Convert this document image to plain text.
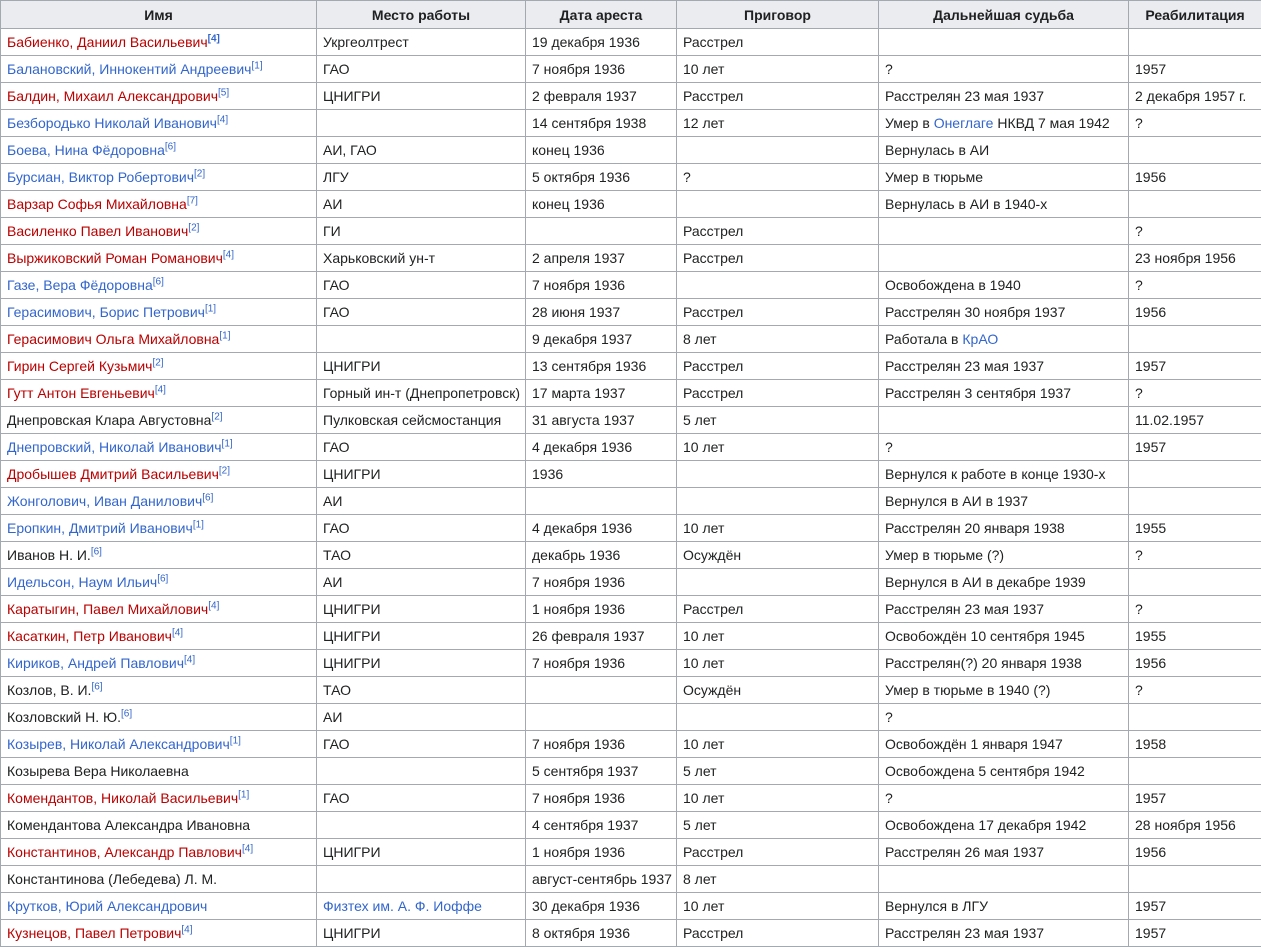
Имя	Место работы	Дата ареста	Приговор	Дальнейшая судьба	Реабилитация
Бабиенко, Даниил Васильевич[4]	Укргеолтрест	19 декабря 1936	Расстрел		
Балановский, Иннокентий Андреевич[1]	ГАО	7 ноября 1936	10 лет	?	1957
Балдин, Михаил Александрович[5]	ЦНИГРИ	2 февраля 1937	Расстрел	Расстрелян 23 мая 1937	2 декабря 1957 г.
Безбородько Николай Иванович[4]		14 сентября 1938	12 лет	Умер в Онеглаге НКВД 7 мая 1942	?
Боева, Нина Фёдоровна[6]	АИ, ГАО	конец 1936		Вернулась в АИ	
Бурсиан, Виктор Робертович[2]	ЛГУ	5 октября 1936	?	Умер в тюрьме	1956
Варзар Софья Михайловна[7]	АИ	конец 1936		Вернулась в АИ в 1940-х	
Василенко Павел Иванович[2]	ГИ		Расстрел		?
Выржиковский Роман Романович[4]	Харьковский ун-т	2 апреля 1937	Расстрел		23 ноября 1956
Газе, Вера Фёдоровна[6]	ГАО	7 ноября 1936		Освобождена в 1940	?
Герасимович, Борис Петрович[1]	ГАО	28 июня 1937	Расстрел	Расстрелян 30 ноября 1937	1956
Герасимович Ольга Михайловна[1]		9 декабря 1937	8 лет	Работала в КрАО	
Гирин Сергей Кузьмич[2]	ЦНИГРИ	13 сентября 1936	Расстрел	Расстрелян 23 мая 1937	1957
Гутт Антон Евгеньевич[4]	Горный ин-т (Днепропетровск)	17 марта 1937	Расстрел	Расстрелян 3 сентября 1937	?
Днепровская Клара Августовна[2]	Пулковская сейсмостанция	31 августа 1937	5 лет		11.02.1957
Днепровский, Николай Иванович[1]	ГАО	4 декабря 1936	10 лет	?	1957
Дробышев Дмитрий Васильевич[2]	ЦНИГРИ	1936		Вернулся к работе в конце 1930-х	
Жонголович, Иван Данилович[6]	АИ			Вернулся в АИ в 1937	
Еропкин, Дмитрий Иванович[1]	ГАО	4 декабря 1936	10 лет	Расстрелян 20 января 1938	1955
Иванов Н. И.[6]	ТАО	декабрь 1936	Осуждён	Умер в тюрьме (?)	?
Идельсон, Наум Ильич[6]	АИ	7 ноября 1936		Вернулся в АИ в декабре 1939	
Каратыгин, Павел Михайлович[4]	ЦНИГРИ	1 ноября 1936	Расстрел	Расстрелян 23 мая 1937	?
Касаткин, Петр Иванович[4]	ЦНИГРИ	26 февраля 1937	10 лет	Освобождён 10 сентября 1945	1955
Кириков, Андрей Павлович[4]	ЦНИГРИ	7 ноября 1936	10 лет	Расстрелян(?) 20 января 1938	1956
Козлов, В. И.[6]	ТАО		Осуждён	Умер в тюрьме в 1940 (?)	?
Козловский Н. Ю.[6]	АИ			?	
Козырев, Николай Александрович[1]	ГАО	7 ноября 1936	10 лет	Освобождён 1 января 1947	1958
Козырева Вера Николаевна		5 сентября 1937	5 лет	Освобождена 5 сентября 1942	
Комендантов, Николай Васильевич[1]	ГАО	7 ноября 1936	10 лет	?	1957
Комендантова Александра Ивановна		4 сентября 1937	5 лет	Освобождена 17 декабря 1942	28 ноября 1956
Константинов, Александр Павлович[4]	ЦНИГРИ	1 ноября 1936	Расстрел	Расстрелян 26 мая 1937	1956
Константинова (Лебедева) Л. М.		август-сентябрь 1937	8 лет		
Крутков, Юрий Александрович	Физтех им. А. Ф. Иоффе	30 декабря 1936	10 лет	Вернулся в ЛГУ	1957
Кузнецов, Павел Петрович[4]	ЦНИГРИ	8 октября 1936	Расстрел	Расстрелян 23 мая 1937	1957
